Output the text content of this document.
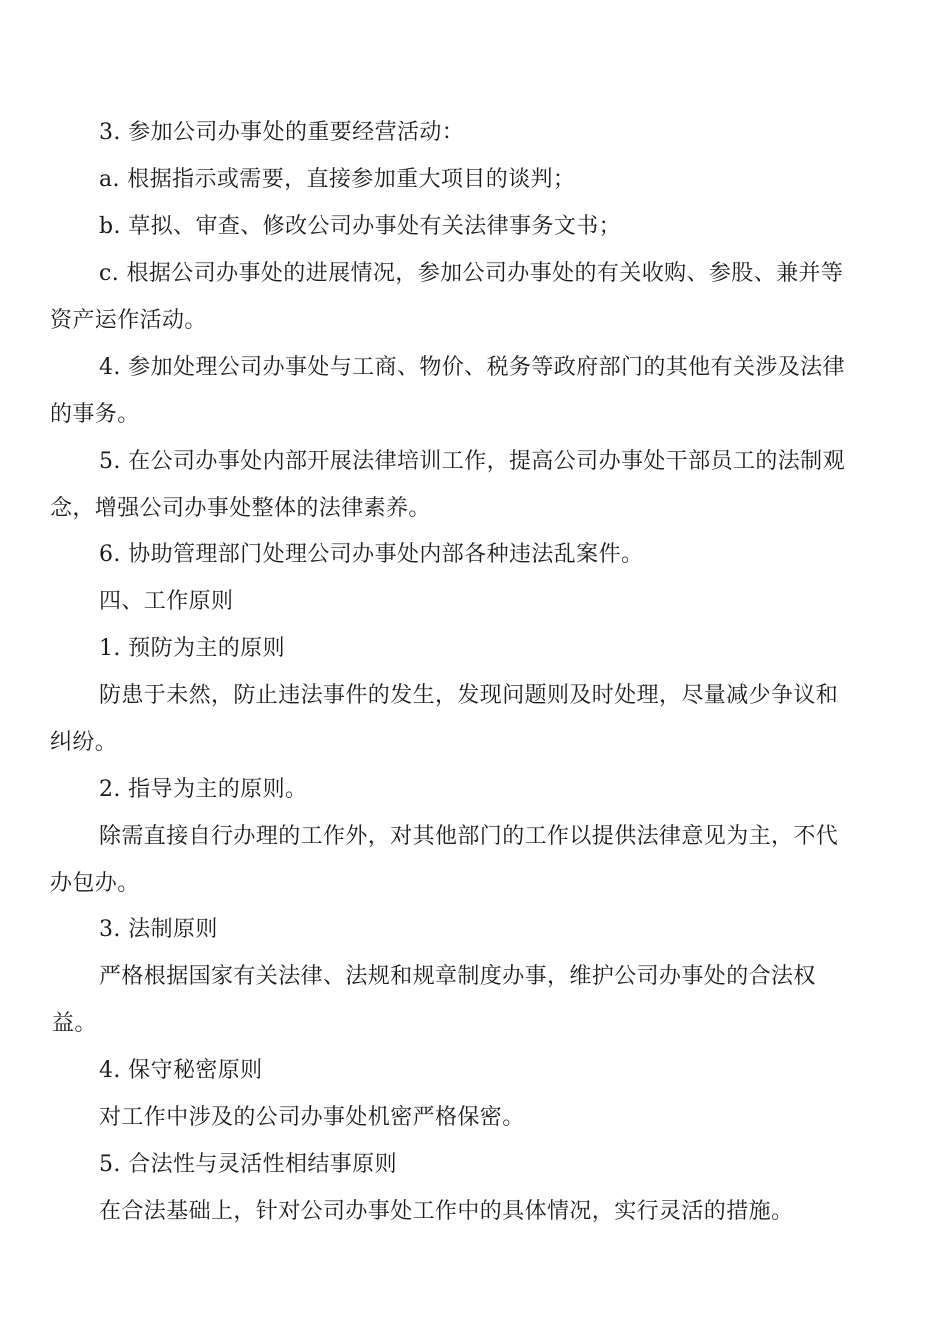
3. 参加公司办事处的重要经营活动：
a. 根据指示或需要，直接参加重大项目的谈判；
b. 草拟、审查、修改公司办事处有关法律事务文书；
c. 根据公司办事处的进展情况，参加公司办事处的有关收购、参股、兼并等
资产运作活动。
4. 参加处理公司办事处与工商、物价、税务等政府部门的其他有关涉及法律
的事务。
5. 在公司办事处内部开展法律培训工作，提高公司办事处干部员工的法制观
念，增强公司办事处整体的法律素养。
6. 协助管理部门处理公司办事处内部各种违法乱案件。
四、工作原则
1. 预防为主的原则
防患于未然，防止违法事件的发生，发现问题则及时处理，尽量减少争议和
纠纷。
2. 指导为主的原则。
除需直接自行办理的工作外，对其他部门的工作以提供法律意见为主，不代
办包办。
3. 法制原则
严格根据国家有关法律、法规和规章制度办事，维护公司办事处的合法权
益。
4. 保守秘密原则
对工作中涉及的公司办事处机密严格保密。
5. 合法性与灵活性相结事原则
在合法基础上，针对公司办事处工作中的具体情况，实行灵活的措施。
